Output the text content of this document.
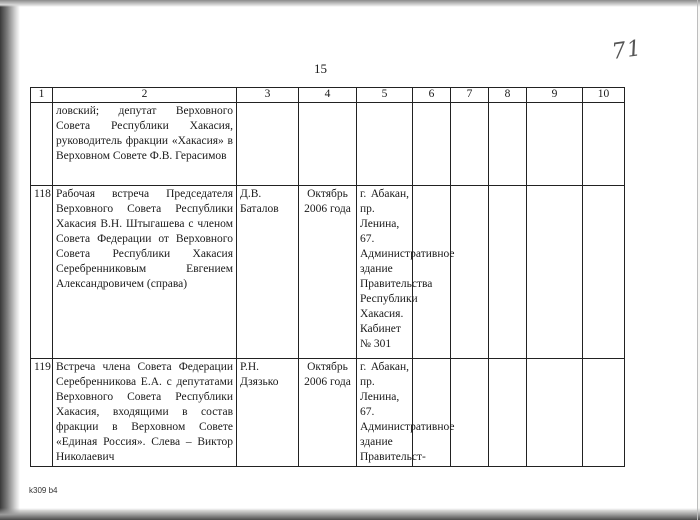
71
15
1	2	3	4	5	6	7	8	9	10
	ловский; депутат Верховного Совета Республики Хакасия, руководитель фракции «Хакасия» в Верховном Совете Ф.В. Герасимов								
118	Рабочая встреча Председателя Верховного Совета Республики Хакасия В.Н. Штыгашева с членом Совета Федерации от Верховного Совета Республики Хакасия Серебренниковым Евгением Александровичем (справа)	Д.В. Баталов	Октябрь 2006 года	г. Абакан, пр. Ленина, 67. Административное здание Правительства Республики Хакасия. Кабинет № 301					
119	Встреча члена Совета Федерации Серебренникова Е.А. с депутатами Верховного Совета Республики Хакасия, входящими в состав фракции в Верховном Совете «Единая Россия». Слева – Виктор Николаевич	Р.Н. Дзязько	Октябрь 2006 года	г. Абакан, пр. Ленина, 67. Административное здание Правительст-					
k309 b4
